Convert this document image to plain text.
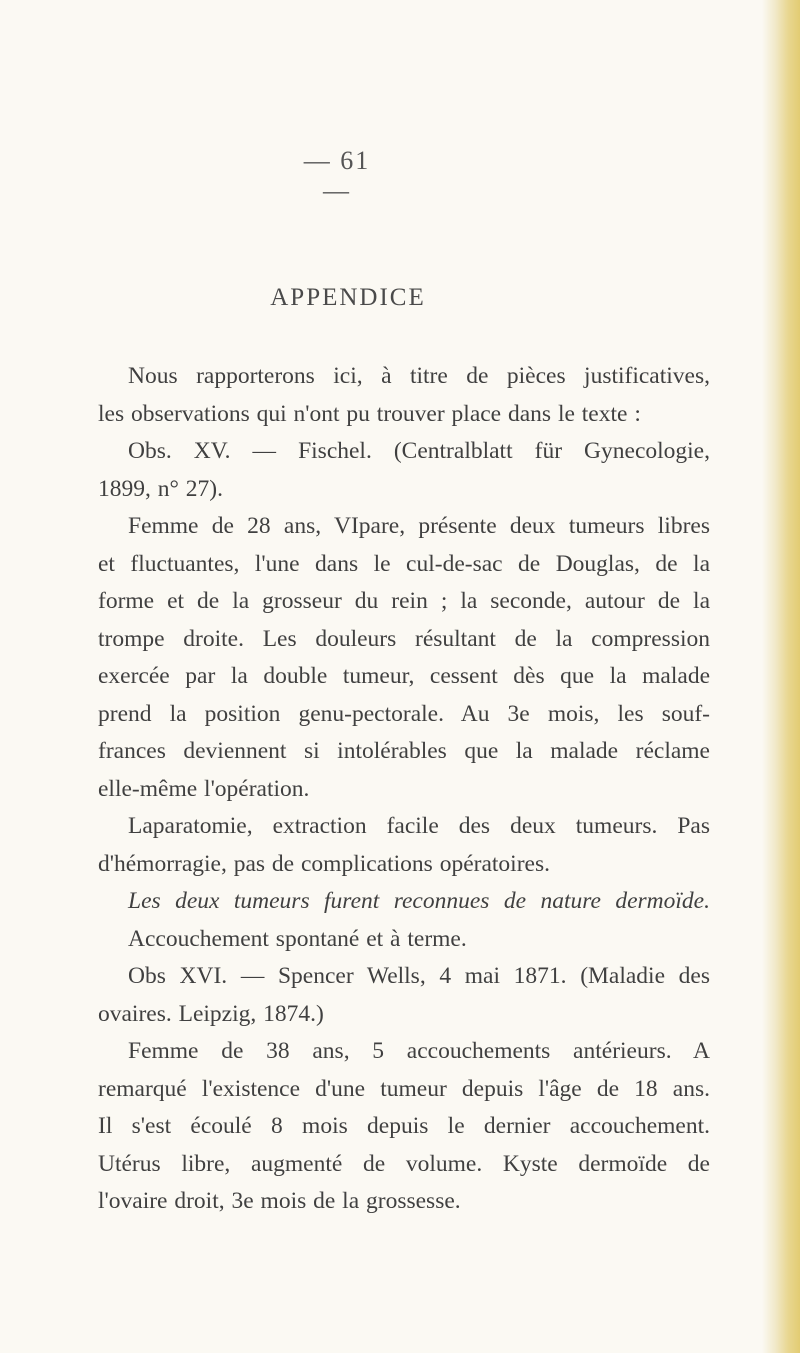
— 61 —
APPENDICE
Nous rapporterons ici, à titre de pièces justificatives,
les observations qui n'ont pu trouver place dans le texte :
Obs. XV. — Fischel. (Centralblatt für Gynecologie,
1899, n° 27).
Femme de 28 ans, VIpare, présente deux tumeurs libres
et fluctuantes, l'une dans le cul-de-sac de Douglas, de la
forme et de la grosseur du rein ; la seconde, autour de la
trompe droite. Les douleurs résultant de la compression
exercée par la double tumeur, cessent dès que la malade
prend la position genu-pectorale. Au 3e mois, les souf-
frances deviennent si intolérables que la malade réclame
elle-même l'opération.
Laparatomie, extraction facile des deux tumeurs. Pas
d'hémorragie, pas de complications opératoires.
Les deux tumeurs furent reconnues de nature dermoïde.
Accouchement spontané et à terme.
Obs XVI. — Spencer Wells, 4 mai 1871. (Maladie des
ovaires. Leipzig, 1874.)
Femme de 38 ans, 5 accouchements antérieurs. A
remarqué l'existence d'une tumeur depuis l'âge de 18 ans.
Il s'est écoulé 8 mois depuis le dernier accouchement.
Utérus libre, augmenté de volume. Kyste dermoïde de
l'ovaire droit, 3e mois de la grossesse.
